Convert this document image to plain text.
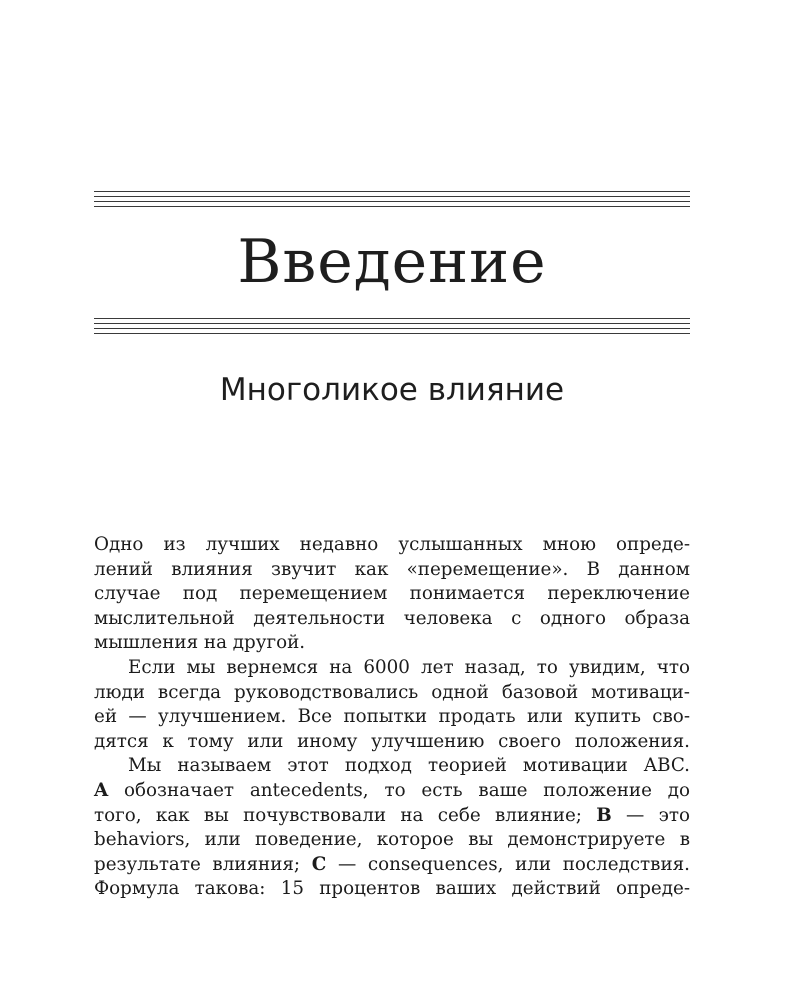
Введение
Многоликое влияние

Одно из лучших недавно услышанных мною опреде-
лений влияния звучит как «перемещение». В данном
случае под перемещением понимается переключение
мыслительной деятельности человека с одного образа
мышления на другой.

Если мы вернемся на 6000 лет назад, то увидим, что
люди всегда руководствовались одной базовой мотиваци-
ей — улучшением. Все попытки продать или купить сво-
дятся к тому или иному улучшению своего положения.

Мы называем этот подход теорией мотивации ABC.
A обозначает antecedents, то есть ваше положение до
того, как вы почувствовали на себе влияние; B — это
behaviors, или поведение, которое вы демонстрируете в
результате влияния; C — consequences, или последствия.
Формула такова: 15 процентов ваших действий опреде-
